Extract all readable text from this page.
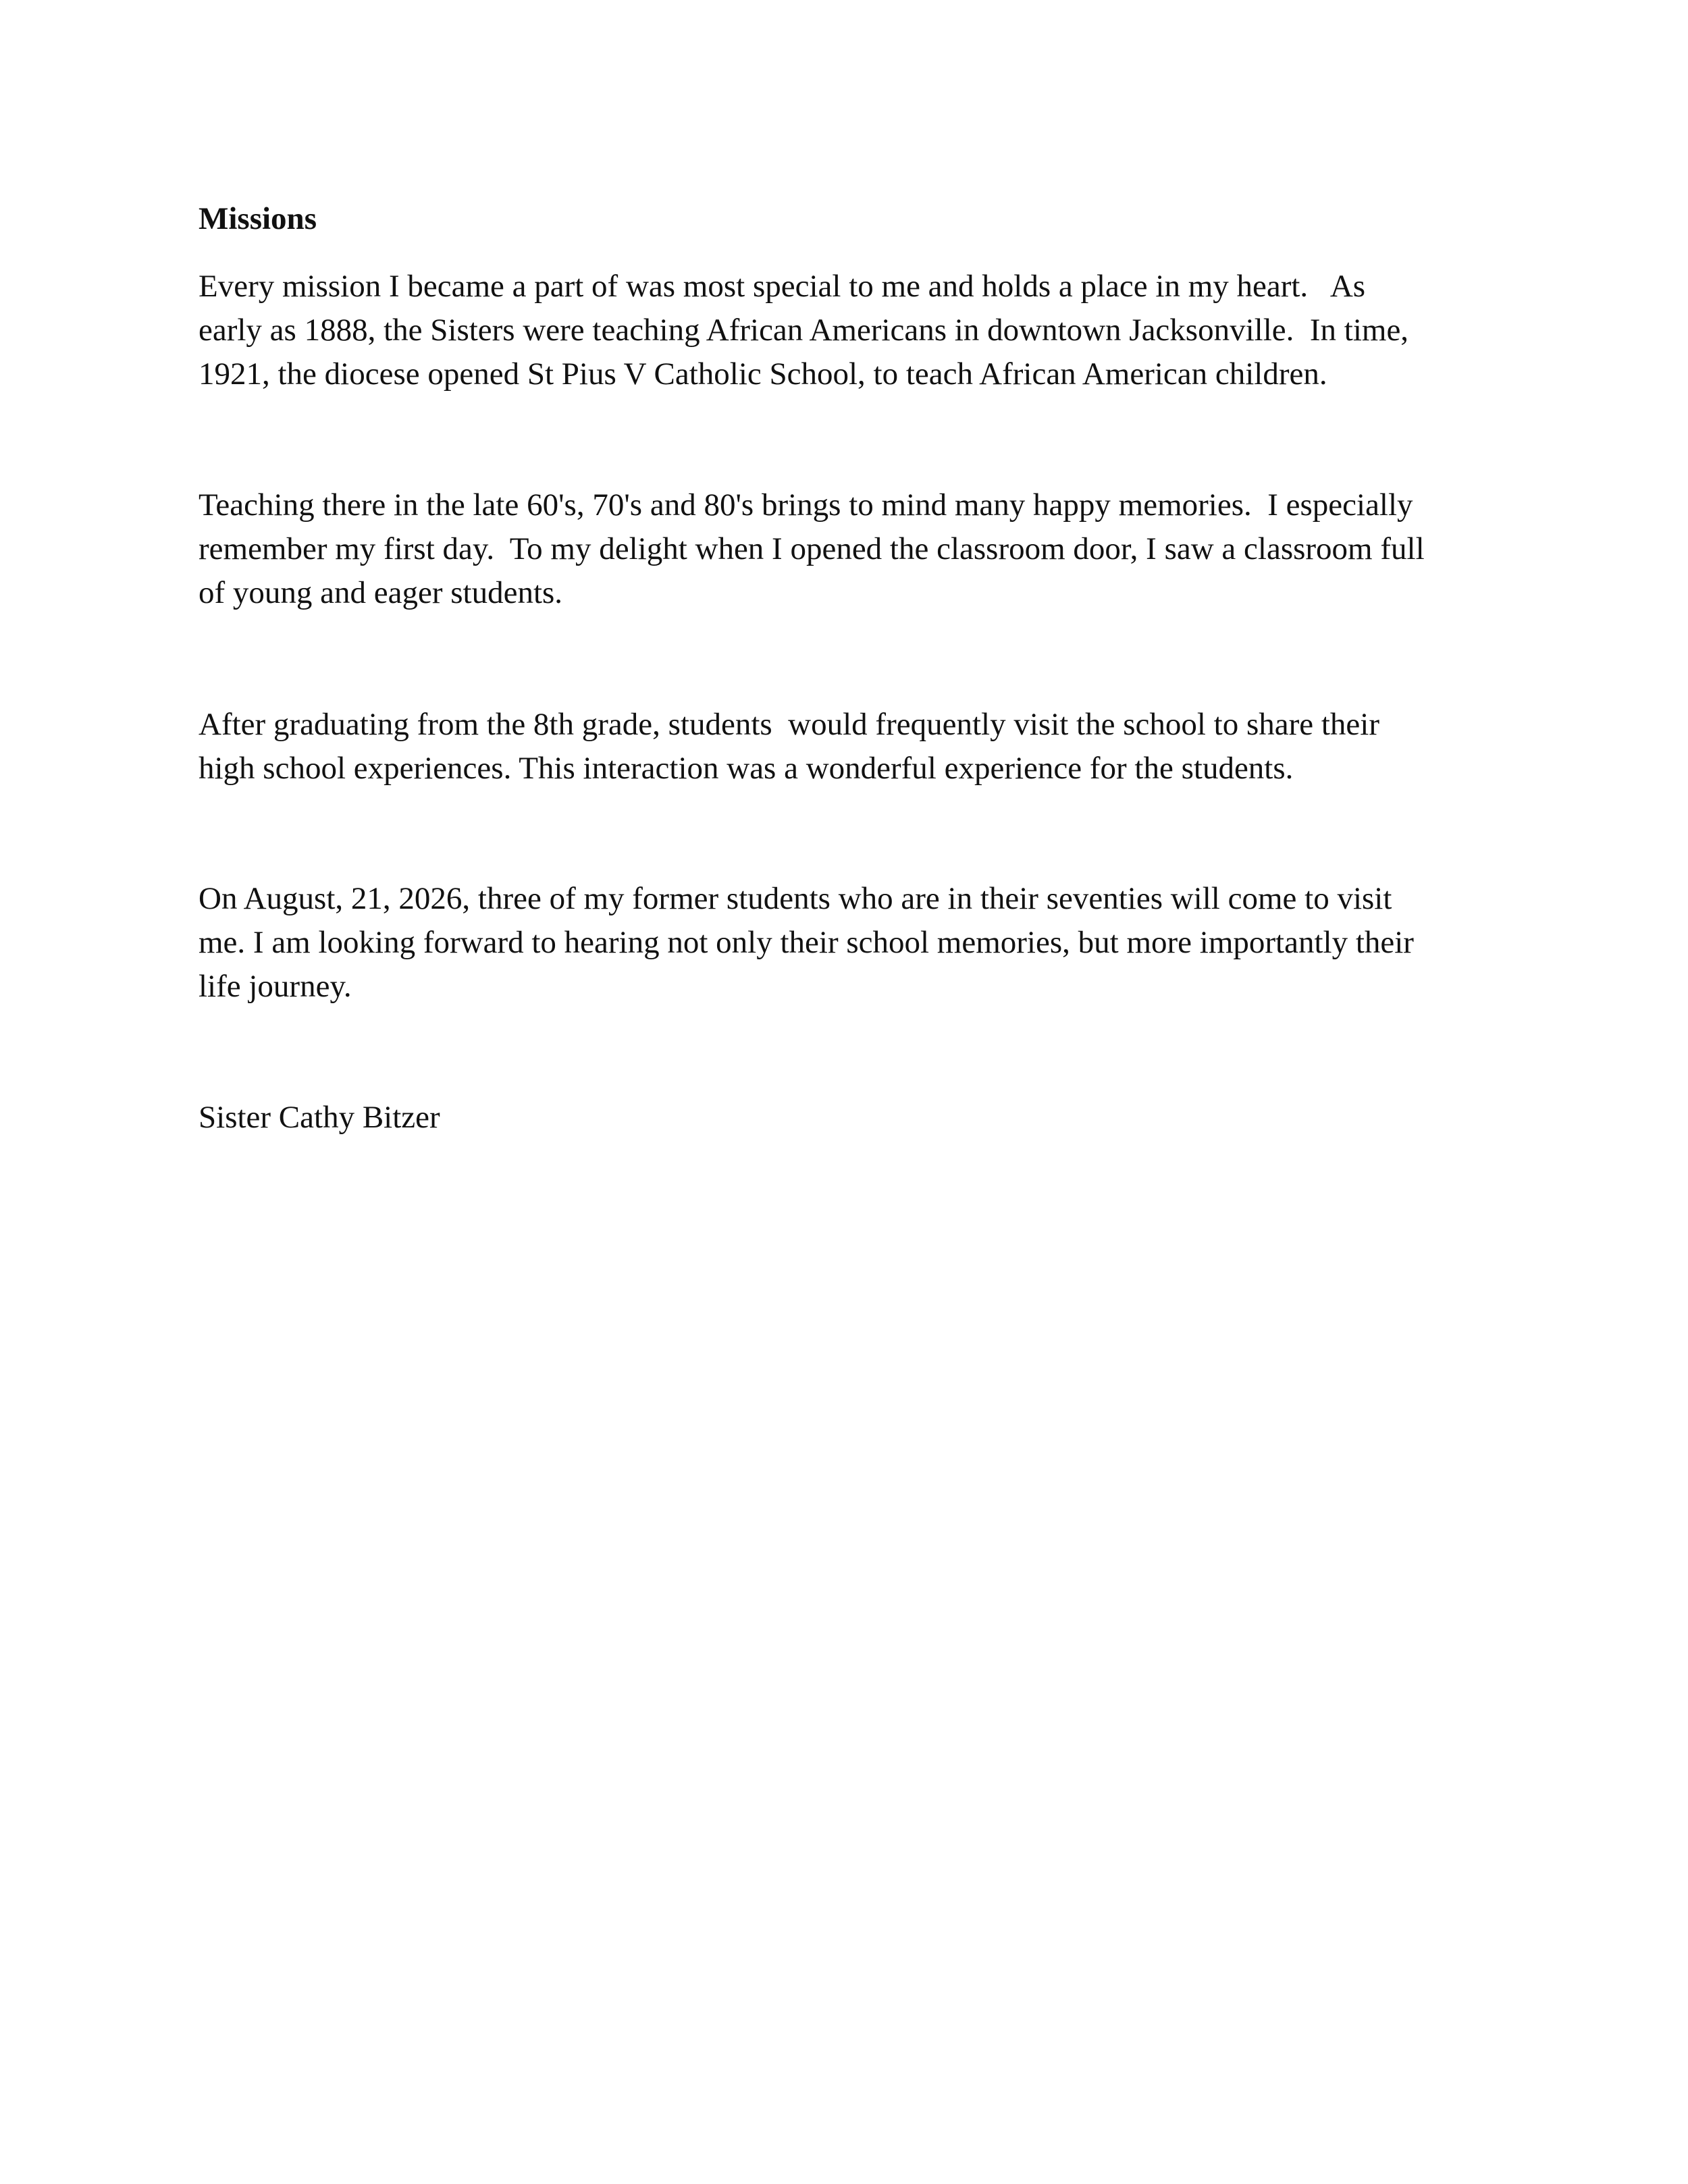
Missions

Every mission I became a part of was most special to me and holds a place in my heart.   As
early as 1888, the Sisters were teaching African Americans in downtown Jacksonville.  In time,
1921, the diocese opened St Pius V Catholic School, to teach African American children.

Teaching there in the late 60's, 70's and 80's brings to mind many happy memories.  I especially
remember my first day.  To my delight when I opened the classroom door, I saw a classroom full
of young and eager students.

After graduating from the 8th grade, students  would frequently visit the school to share their
high school experiences. This interaction was a wonderful experience for the students.

On August, 21, 2026, three of my former students who are in their seventies will come to visit
me. I am looking forward to hearing not only their school memories, but more importantly their
life journey.

Sister Cathy Bitzer
